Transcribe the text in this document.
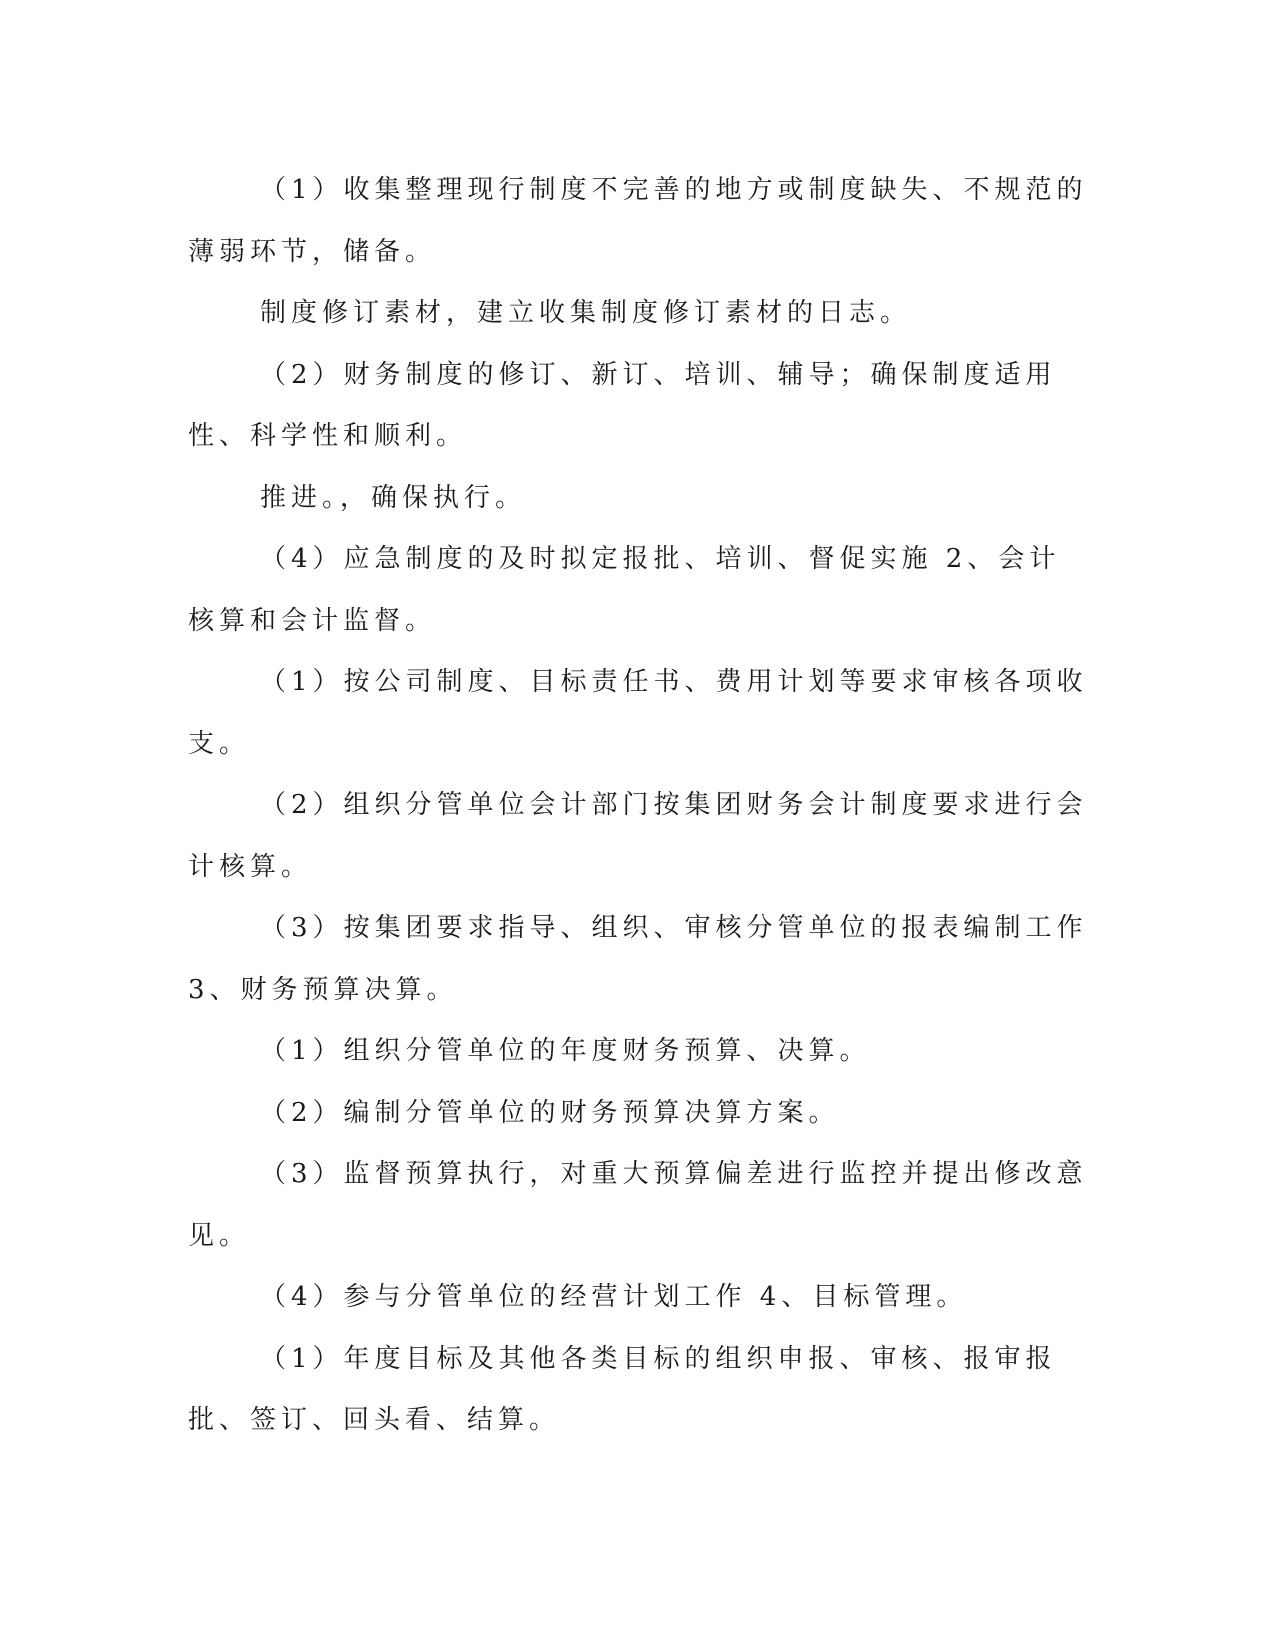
（1）收集整理现行制度不完善的地方或制度缺失、不规范的薄弱环节，储备。

制度修订素材，建立收集制度修订素材的日志。

（2）财务制度的修订、新订、培训、辅导；确保制度适用性、科学性和顺利。

推进。，确保执行。

（4）应急制度的及时拟定报批、培训、督促实施 2、会计核算和会计监督。

（1）按公司制度、目标责任书、费用计划等要求审核各项收支。

（2）组织分管单位会计部门按集团财务会计制度要求进行会计核算。

（3）按集团要求指导、组织、审核分管单位的报表编制工作 3、财务预算决算。

（1）组织分管单位的年度财务预算、决算。

（2）编制分管单位的财务预算决算方案。

（3）监督预算执行，对重大预算偏差进行监控并提出修改意见。

（4）参与分管单位的经营计划工作 4、目标管理。

（1）年度目标及其他各类目标的组织申报、审核、报审报批、签订、回头看、结算。
